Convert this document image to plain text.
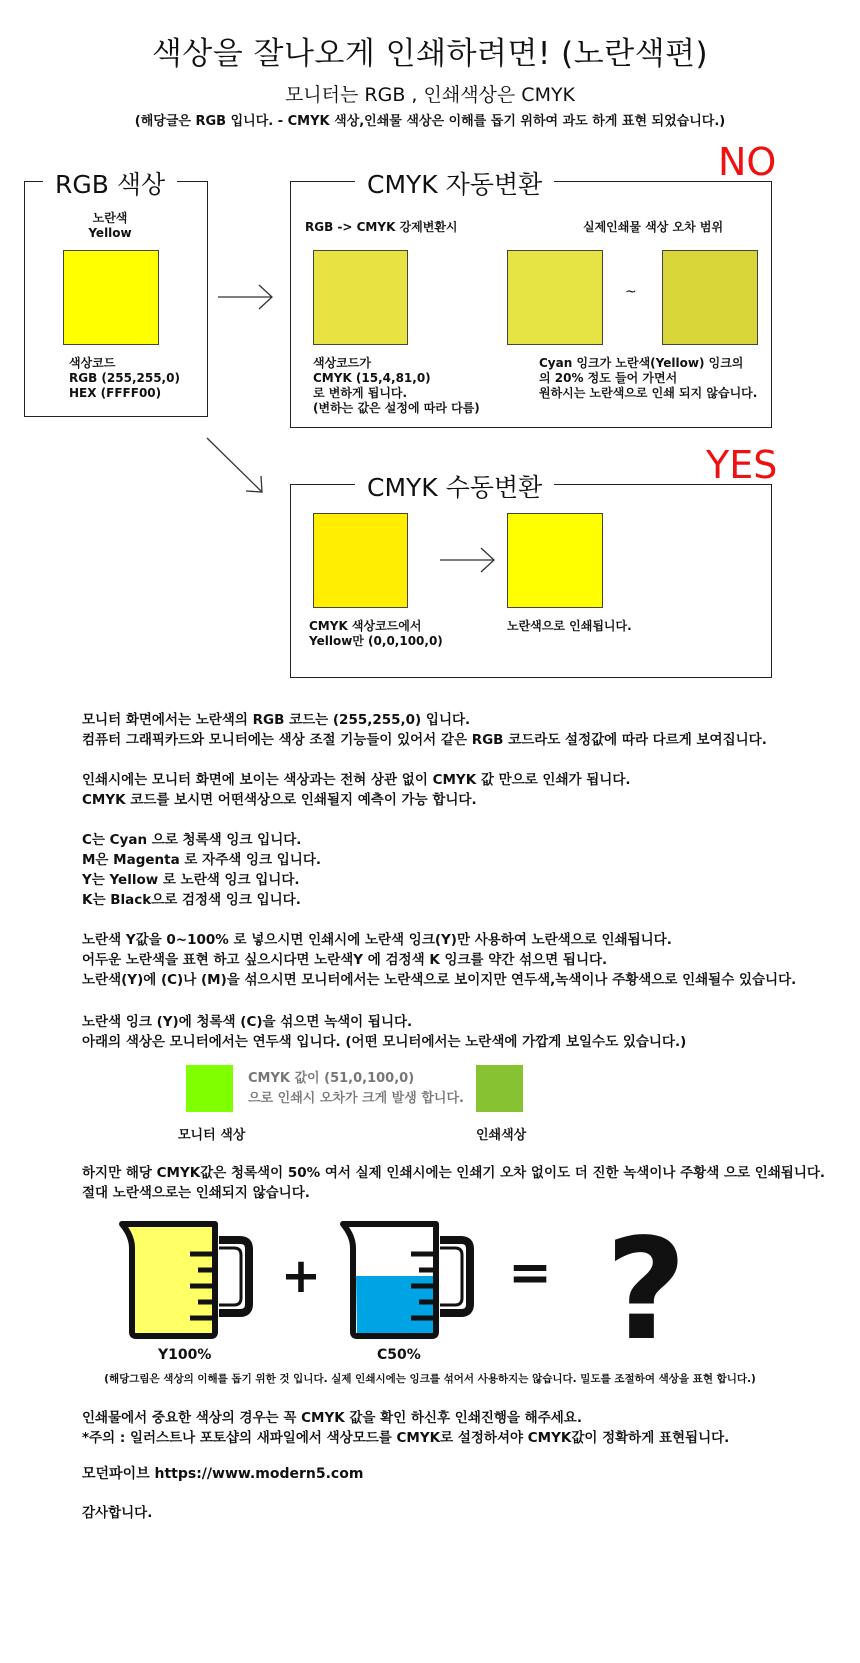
색상을 잘나오게 인쇄하려면! (노란색편)
모니터는 RGB , 인쇄색상은 CMYK
(해당글은 RGB 입니다. - CMYK 색상,인쇄물 색상은 이해를 돕기 위하여 과도 하게 표현 되었습니다.)
RGB 색상
노란색
Yellow
색상코드
RGB (255,255,0)
HEX (FFFF00)
CMYK 자동변환
RGB -> CMYK 강제변환시	실제인쇄물 색상 오차 범위
~
색상코드가
CMYK (15,4,81,0)
로 변하게 됩니다.
(변하는 값은 설정에 따라 다름)
Cyan 잉크가 노란색(Yellow) 잉크의
의 20% 정도 들어 가면서
원하시는 노란색으로 인쇄 되지 않습니다.
NO
CMYK 수동변환
CMYK 색상코드에서
Yellow만 (0,0,100,0)
노란색으로 인쇄됩니다.
YES
모니터 화면에서는 노란색의 RGB 코드는 (255,255,0) 입니다.
컴퓨터 그래픽카드와 모니터에는 색상 조절 기능들이 있어서 같은 RGB 코드라도 설정값에 따라 다르게 보여집니다.
인쇄시에는 모니터 화면에 보이는 색상과는 전혀 상관 없이 CMYK 값 만으로 인쇄가 됩니다.
CMYK 코드를 보시면 어떤색상으로 인쇄될지 예측이 가능 합니다.
C는 Cyan 으로 청록색 잉크 입니다.
M은 Magenta 로 자주색 잉크 입니다.
Y는 Yellow 로 노란색 잉크 입니다.
K는 Black으로 검정색 잉크 입니다.
노란색 Y값을 0~100% 로 넣으시면 인쇄시에 노란색 잉크(Y)만 사용하여 노란색으로 인쇄됩니다.
어두운 노란색을 표현 하고 싶으시다면 노란색Y 에 검정색 K 잉크를 약간 섞으면 됩니다.
노란색(Y)에 (C)나 (M)을 섞으시면 모니터에서는 노란색으로 보이지만 연두색,녹색이나 주황색으로 인쇄될수 있습니다.
노란색 잉크 (Y)에 청록색 (C)을 섞으면 녹색이 됩니다.
아래의 색상은 모니터에서는 연두색 입니다. (어떤 모니터에서는 노란색에 가깝게 보일수도 있습니다.)
CMYK 값이 (51,0,100,0)
으로 인쇄시 오차가 크게 발생 합니다.
모니터 색상	인쇄색상
하지만 해당 CMYK값은 청록색이 50% 여서 실제 인쇄시에는 인쇄기 오차 없이도 더 진한 녹색이나 주황색 으로 인쇄됩니다.
절대 노란색으로는 인쇄되지 않습니다.
+	= ?
Y100%	C50%
(해당그림은 색상의 이해를 돕기 위한 것 입니다. 실제 인쇄시에는 잉크를 섞어서 사용하지는 않습니다. 밀도를 조절하여 색상을 표현 합니다.)
인쇄물에서 중요한 색상의 경우는 꼭 CMYK 값을 확인 하신후 인쇄진행을 해주세요.
*주의 : 일러스트나 포토샵의 새파일에서 색상모드를 CMYK로 설정하셔야 CMYK값이 정확하게 표현됩니다.
모던파이브 https://www.modern5.com
감사합니다.
